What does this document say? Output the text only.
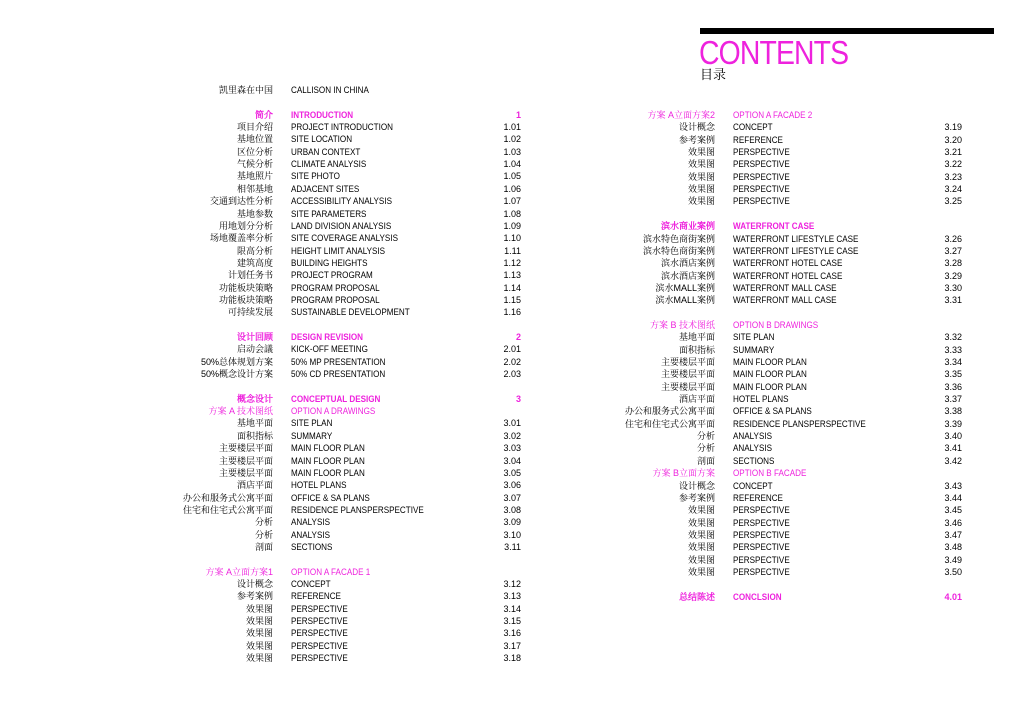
CONTENTS
目录
凯里森在中国 CALLISON IN CHINA
简介 INTRODUCTION	1
项目介绍 PROJECT INTRODUCTION	1.01
基地位置 SITE LOCATION	1.02
区位分析 URBAN CONTEXT	1.03
气候分析 CLIMATE ANALYSIS	1.04
基地照片 SITE PHOTO	1.05
相邻基地 ADJACENT SITES	1.06
交通到达性分析 ACCESSIBILITY ANALYSIS	1.07
基地参数 SITE PARAMETERS	1.08
用地划分分析 LAND DIVISION ANALYSIS	1.09
场地覆盖率分析 SITE COVERAGE ANALYSIS	1.10
限高分析 HEIGHT LIMIT ANALYSIS	1.11
建筑高度 BUILDING HEIGHTS	1.12
计划任务书 PROJECT PROGRAM	1.13
功能板块策略 PROGRAM PROPOSAL	1.14
功能板块策略 PROGRAM PROPOSAL	1.15
可持续发展 SUSTAINABLE DEVELOPMENT	1.16
设计回顾 DESIGN REVISION	2
启动会議 KICK-OFF MEETING	2.01
50%总体规划方案 50% MP PRESENTATION	2.02
50%概念设计方案 50% CD PRESENTATION	2.03
概念设计 CONCEPTUAL DESIGN	3
方案 A 技术图纸 OPTION A DRAWINGS
基地平面 SITE PLAN	3.01
面积指标 SUMMARY	3.02
主要楼层平面 MAIN FLOOR PLAN	3.03
主要楼层平面 MAIN FLOOR PLAN	3.04
主要楼层平面 MAIN FLOOR PLAN	3.05
酒店平面 HOTEL PLANS	3.06
办公和服务式公寓平面 OFFICE & SA PLANS	3.07
住宅和住宅式公寓平面 RESIDENCE PLANSPERSPECTIVE	3.08
分析 ANALYSIS	3.09
分析 ANALYSIS	3.10
剖面 SECTIONS	3.11
方案 A立面方案1 OPTION A FACADE 1
设计概念 CONCEPT	3.12
参考案例 REFERENCE	3.13
效果图 PERSPECTIVE	3.14
效果图 PERSPECTIVE	3.15
效果图 PERSPECTIVE	3.16
效果图 PERSPECTIVE	3.17
效果图 PERSPECTIVE	3.18
方案 A立面方案2 OPTION A FACADE 2
设计概念 CONCEPT	3.19
参考案例 REFERENCE	3.20
效果图 PERSPECTIVE	3.21
效果图 PERSPECTIVE	3.22
效果图 PERSPECTIVE	3.23
效果图 PERSPECTIVE	3.24
效果图 PERSPECTIVE	3.25
滨水商业案例 WATERFRONT CASE
滨水特色商街案例 WATERFRONT LIFESTYLE CASE	3.26
滨水特色商街案例 WATERFRONT LIFESTYLE CASE	3.27
滨水酒店案例 WATERFRONT HOTEL CASE	3.28
滨水酒店案例 WATERFRONT HOTEL CASE	3.29
滨水MALL案例 WATERFRONT MALL CASE	3.30
滨水MALL案例 WATERFRONT MALL CASE	3.31
方案 B 技术图纸 OPTION B DRAWINGS
基地平面 SITE PLAN	3.32
面积指标 SUMMARY	3.33
主要楼层平面 MAIN FLOOR PLAN	3.34
主要楼层平面 MAIN FLOOR PLAN	3.35
主要楼层平面 MAIN FLOOR PLAN	3.36
酒店平面 HOTEL PLANS	3.37
办公和服务式公寓平面 OFFICE & SA PLANS	3.38
住宅和住宅式公寓平面 RESIDENCE PLANSPERSPECTIVE	3.39
分析 ANALYSIS	3.40
分析 ANALYSIS	3.41
剖面 SECTIONS	3.42
方案 B立面方案 OPTION B FACADE
设计概念 CONCEPT	3.43
参考案例 REFERENCE	3.44
效果图 PERSPECTIVE	3.45
效果图 PERSPECTIVE	3.46
效果图 PERSPECTIVE	3.47
效果图 PERSPECTIVE	3.48
效果图 PERSPECTIVE	3.49
效果图 PERSPECTIVE	3.50
总结陈述 CONCLSION	4.01
